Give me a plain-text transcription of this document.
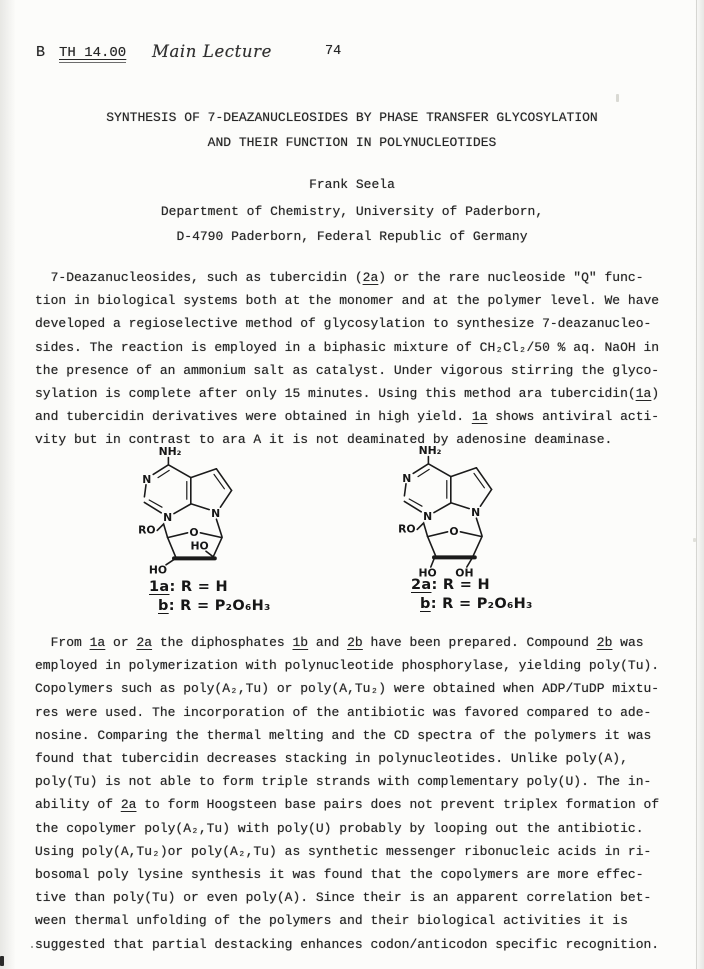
B TH 14.00 Main Lecture	74
SYNTHESIS OF 7-DEAZANUCLEOSIDES BY PHASE TRANSFER GLYCOSYLATION
AND THEIR FUNCTION IN POLYNUCLEOTIDES
Frank Seela
Department of Chemistry, University of Paderborn,
D-4790 Paderborn, Federal Republic of Germany
7-Deazanucleosides, such as tubercidin (2a) or the rare nucleoside "Q" func-
tion in biological systems both at the monomer and at the polymer level. We have
developed a regioselective method of glycosylation to synthesize 7-deazanucleo-
sides. The reaction is employed in a biphasic mixture of CH₂Cl₂/50 % aq. NaOH in
the presence of an ammonium salt as catalyst. Under vigorous stirring the glyco-
sylation is complete after only 15 minutes. Using this method ara tubercidin(1a)
and tubercidin derivatives were obtained in high yield. 1a shows antiviral acti-
vity but in contrast to ara A it is not deaminated by adenosine deaminase.
NH₂
N
N	N
O
RO
HO
HO
1a: R = H
b: R = P₂O₆H₃
NH₂
N
N	N
O
RO
HO OH
2a: R = H
b: R = P₂O₆H₃
From 1a or 2a the diphosphates 1b and 2b have been prepared. Compound 2b was
employed in polymerization with polynucleotide phosphorylase, yielding poly(Tu).
Copolymers such as poly(A₂,Tu) or poly(A,Tu₂) were obtained when ADP/TuDP mixtu-
res were used. The incorporation of the antibiotic was favored compared to ade-
nosine. Comparing the thermal melting and the CD spectra of the polymers it was
found that tubercidin decreases stacking in polynucleotides. Unlike poly(A),
poly(Tu) is not able to form triple strands with complementary poly(U). The in-
ability of 2a to form Hoogsteen base pairs does not prevent triplex formation of
the copolymer poly(A₂,Tu) with poly(U) probably by looping out the antibiotic.
Using poly(A,Tu₂)or poly(A₂,Tu) as synthetic messenger ribonucleic acids in ri-
bosomal poly lysine synthesis it was found that the copolymers are more effec-
tive than poly(Tu) or even poly(A). Since their is an apparent correlation bet-
ween thermal unfolding of the polymers and their biological activities it is
suggested that partial destacking enhances codon/anticodon specific recognition.
